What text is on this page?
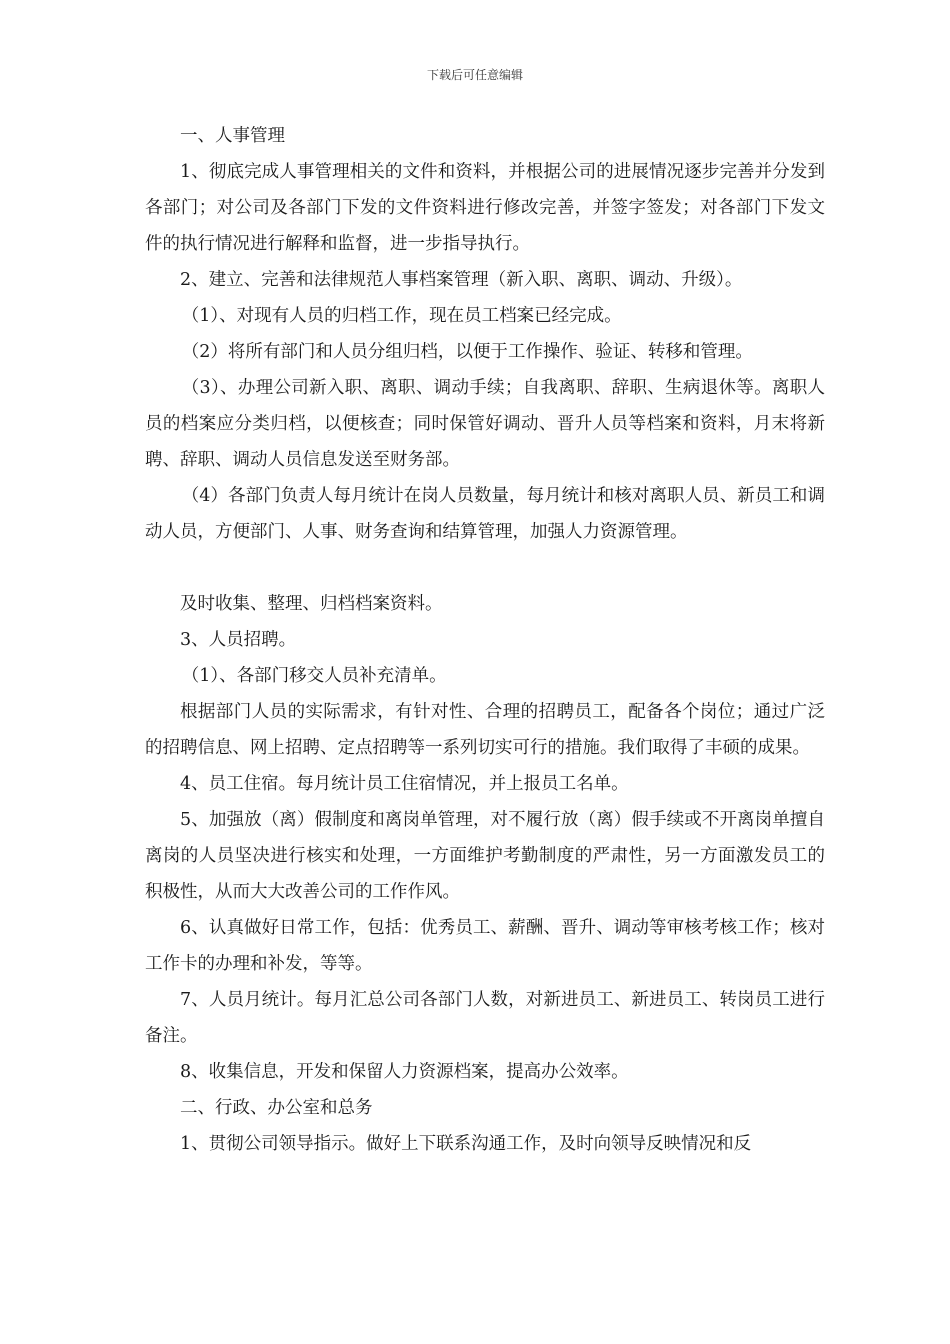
下载后可任意编辑

一、人事管理

1、彻底完成人事管理相关的文件和资料，并根据公司的进展情况逐步完善并分发到各部门；对公司及各部门下发的文件资料进行修改完善，并签字签发；对各部门下发文件的执行情况进行解释和监督，进一步指导执行。

2、建立、完善和法律规范人事档案管理（新入职、离职、调动、升级）。

（1）、对现有人员的归档工作，现在员工档案已经完成。

（2）将所有部门和人员分组归档，以便于工作操作、验证、转移和管理。

（3）、办理公司新入职、离职、调动手续；自我离职、辞职、生病退休等。离职人员的档案应分类归档，以便核查；同时保管好调动、晋升人员等档案和资料，月末将新聘、辞职、调动人员信息发送至财务部。

（4）各部门负责人每月统计在岗人员数量，每月统计和核对离职人员、新员工和调动人员，方便部门、人事、财务查询和结算管理，加强人力资源管理。

及时收集、整理、归档档案资料。

3、人员招聘。

（1）、各部门移交人员补充清单。

根据部门人员的实际需求，有针对性、合理的招聘员工，配备各个岗位；通过广泛的招聘信息、网上招聘、定点招聘等一系列切实可行的措施。我们取得了丰硕的成果。

4、员工住宿。每月统计员工住宿情况，并上报员工名单。

5、加强放（离）假制度和离岗单管理，对不履行放（离）假手续或不开离岗单擅自离岗的人员坚决进行核实和处理，一方面维护考勤制度的严肃性，另一方面激发员工的积极性，从而大大改善公司的工作作风。

6、认真做好日常工作，包括：优秀员工、薪酬、晋升、调动等审核考核工作；核对工作卡的办理和补发，等等。

7、人员月统计。每月汇总公司各部门人数，对新进员工、新进员工、转岗员工进行备注。

8、收集信息，开发和保留人力资源档案，提高办公效率。

二、行政、办公室和总务

1、贯彻公司领导指示。做好上下联系沟通工作，及时向领导反映情况和反
